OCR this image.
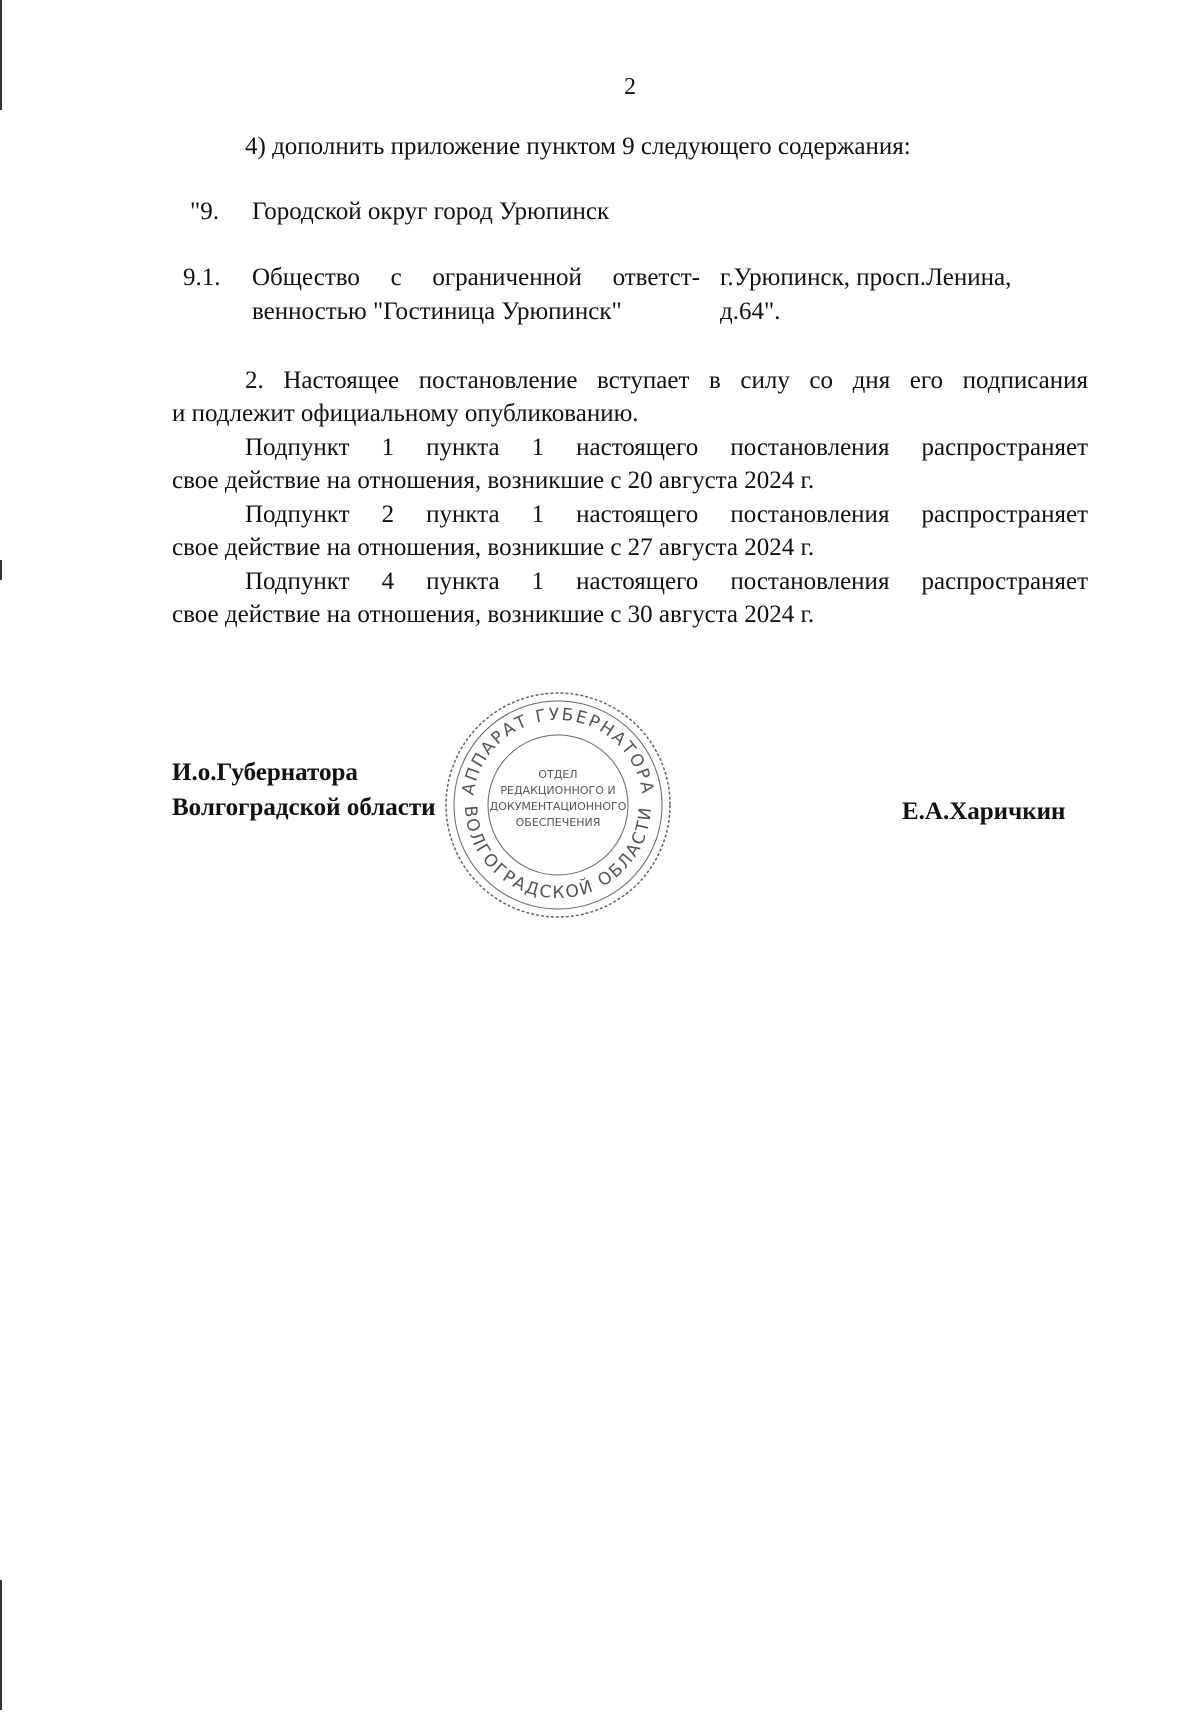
2
4) дополнить приложение пунктом 9 следующего содержания:
"9. Городской округ город Урюпинск
9.1. Общество с ограниченной ответст-
венностью "Гостиница Урюпинск"
г.Урюпинск, просп.Ленина,
д.64".
2. Настоящее постановление вступает в силу со дня его подписания
и подлежит официальному опубликованию.
Подпункт 1 пункта 1 настоящего постановления распространяет
свое действие на отношения, возникшие с 20 августа 2024 г.
Подпункт 2 пункта 1 настоящего постановления распространяет
свое действие на отношения, возникшие с 27 августа 2024 г.
Подпункт 4 пункта 1 настоящего постановления распространяет
свое действие на отношения, возникшие с 30 августа 2024 г.
АППАРАТ ГУБЕРНАТОРА
ВОЛГОГРАДСКОЙ ОБЛАСТИ
ОТДЕЛ
РЕДАКЦИОННОГО И
ДОКУМЕНТАЦИОННОГО
ОБЕСПЕЧЕНИЯ
И.о.Губернатора
Волгоградской области	Е.А.Харичкин
